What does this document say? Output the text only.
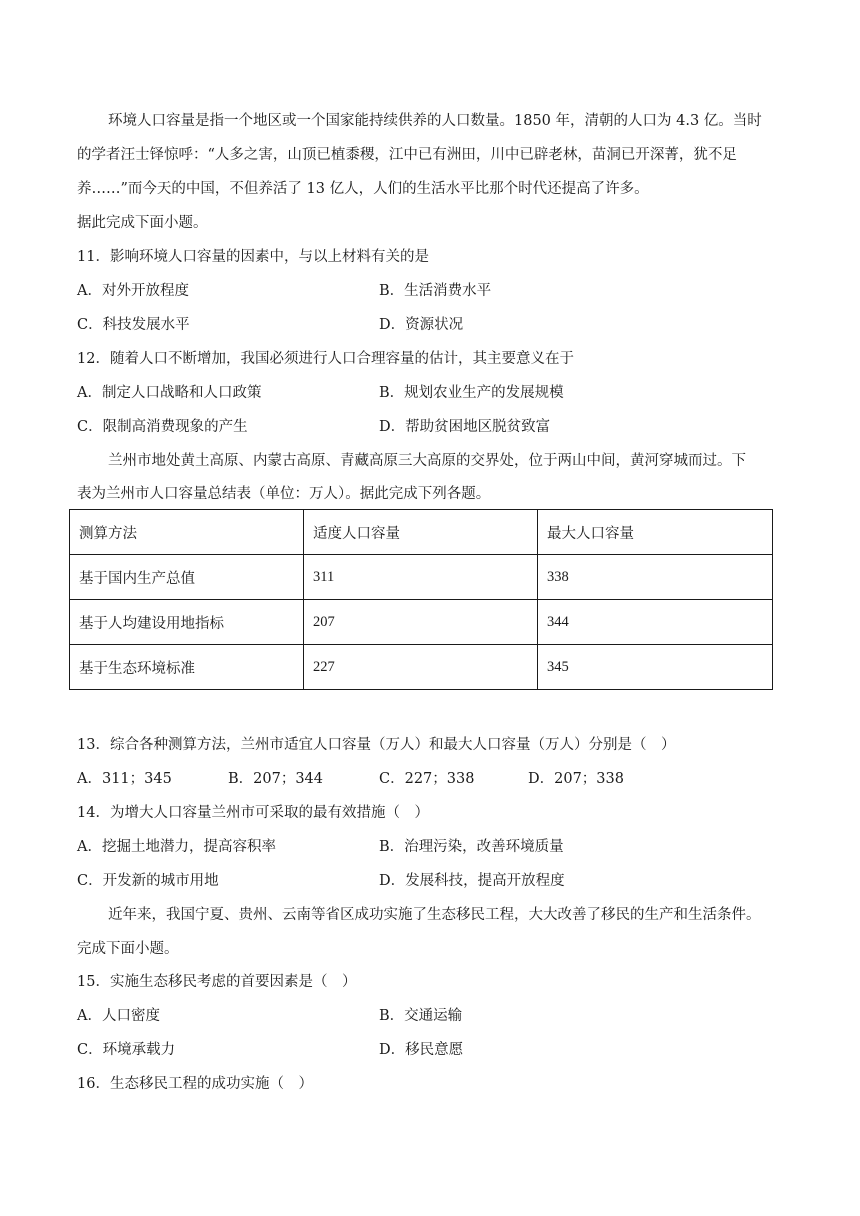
环境人口容量是指一个地区或一个国家能持续供养的人口数量。1850 年，清朝的人口为 4.3 亿。当时
的学者汪士铎惊呼：“人多之害，山顶已植黍稷，江中已有洲田，川中已辟老林，苗洞已开深菁，犹不足
养……”而今天的中国，不但养活了 13 亿人，人们的生活水平比那个时代还提高了许多。
据此完成下面小题。
11．影响环境人口容量的因素中，与以上材料有关的是
A．对外开放程度	B．生活消费水平
C．科技发展水平	D．资源状况
12．随着人口不断增加，我国必须进行人口合理容量的估计，其主要意义在于
A．制定人口战略和人口政策	B．规划农业生产的发展规模
C．限制高消费现象的产生	D．帮助贫困地区脱贫致富
兰州市地处黄土高原、内蒙古高原、青藏高原三大高原的交界处，位于两山中间，黄河穿城而过。下
表为兰州市人口容量总结表（单位：万人）。据此完成下列各题。
测算方法	适度人口容量	最大人口容量
基于国内生产总值	311	338
基于人均建设用地指标	207	344
基于生态环境标准	227	345
13．综合各种测算方法，兰州市适宜人口容量（万人）和最大人口容量（万人）分别是（　）
A．311；345	B．207；344	C．227；338	D．207；338
14．为增大人口容量兰州市可采取的最有效措施（　）
A．挖掘土地潜力，提高容积率	B．治理污染，改善环境质量
C．开发新的城市用地	D．发展科技，提高开放程度
近年来，我国宁夏、贵州、云南等省区成功实施了生态移民工程，大大改善了移民的生产和生活条件。
完成下面小题。
15．实施生态移民考虑的首要因素是（　）
A．人口密度	B．交通运输
C．环境承载力	D．移民意愿
16．生态移民工程的成功实施（　）
